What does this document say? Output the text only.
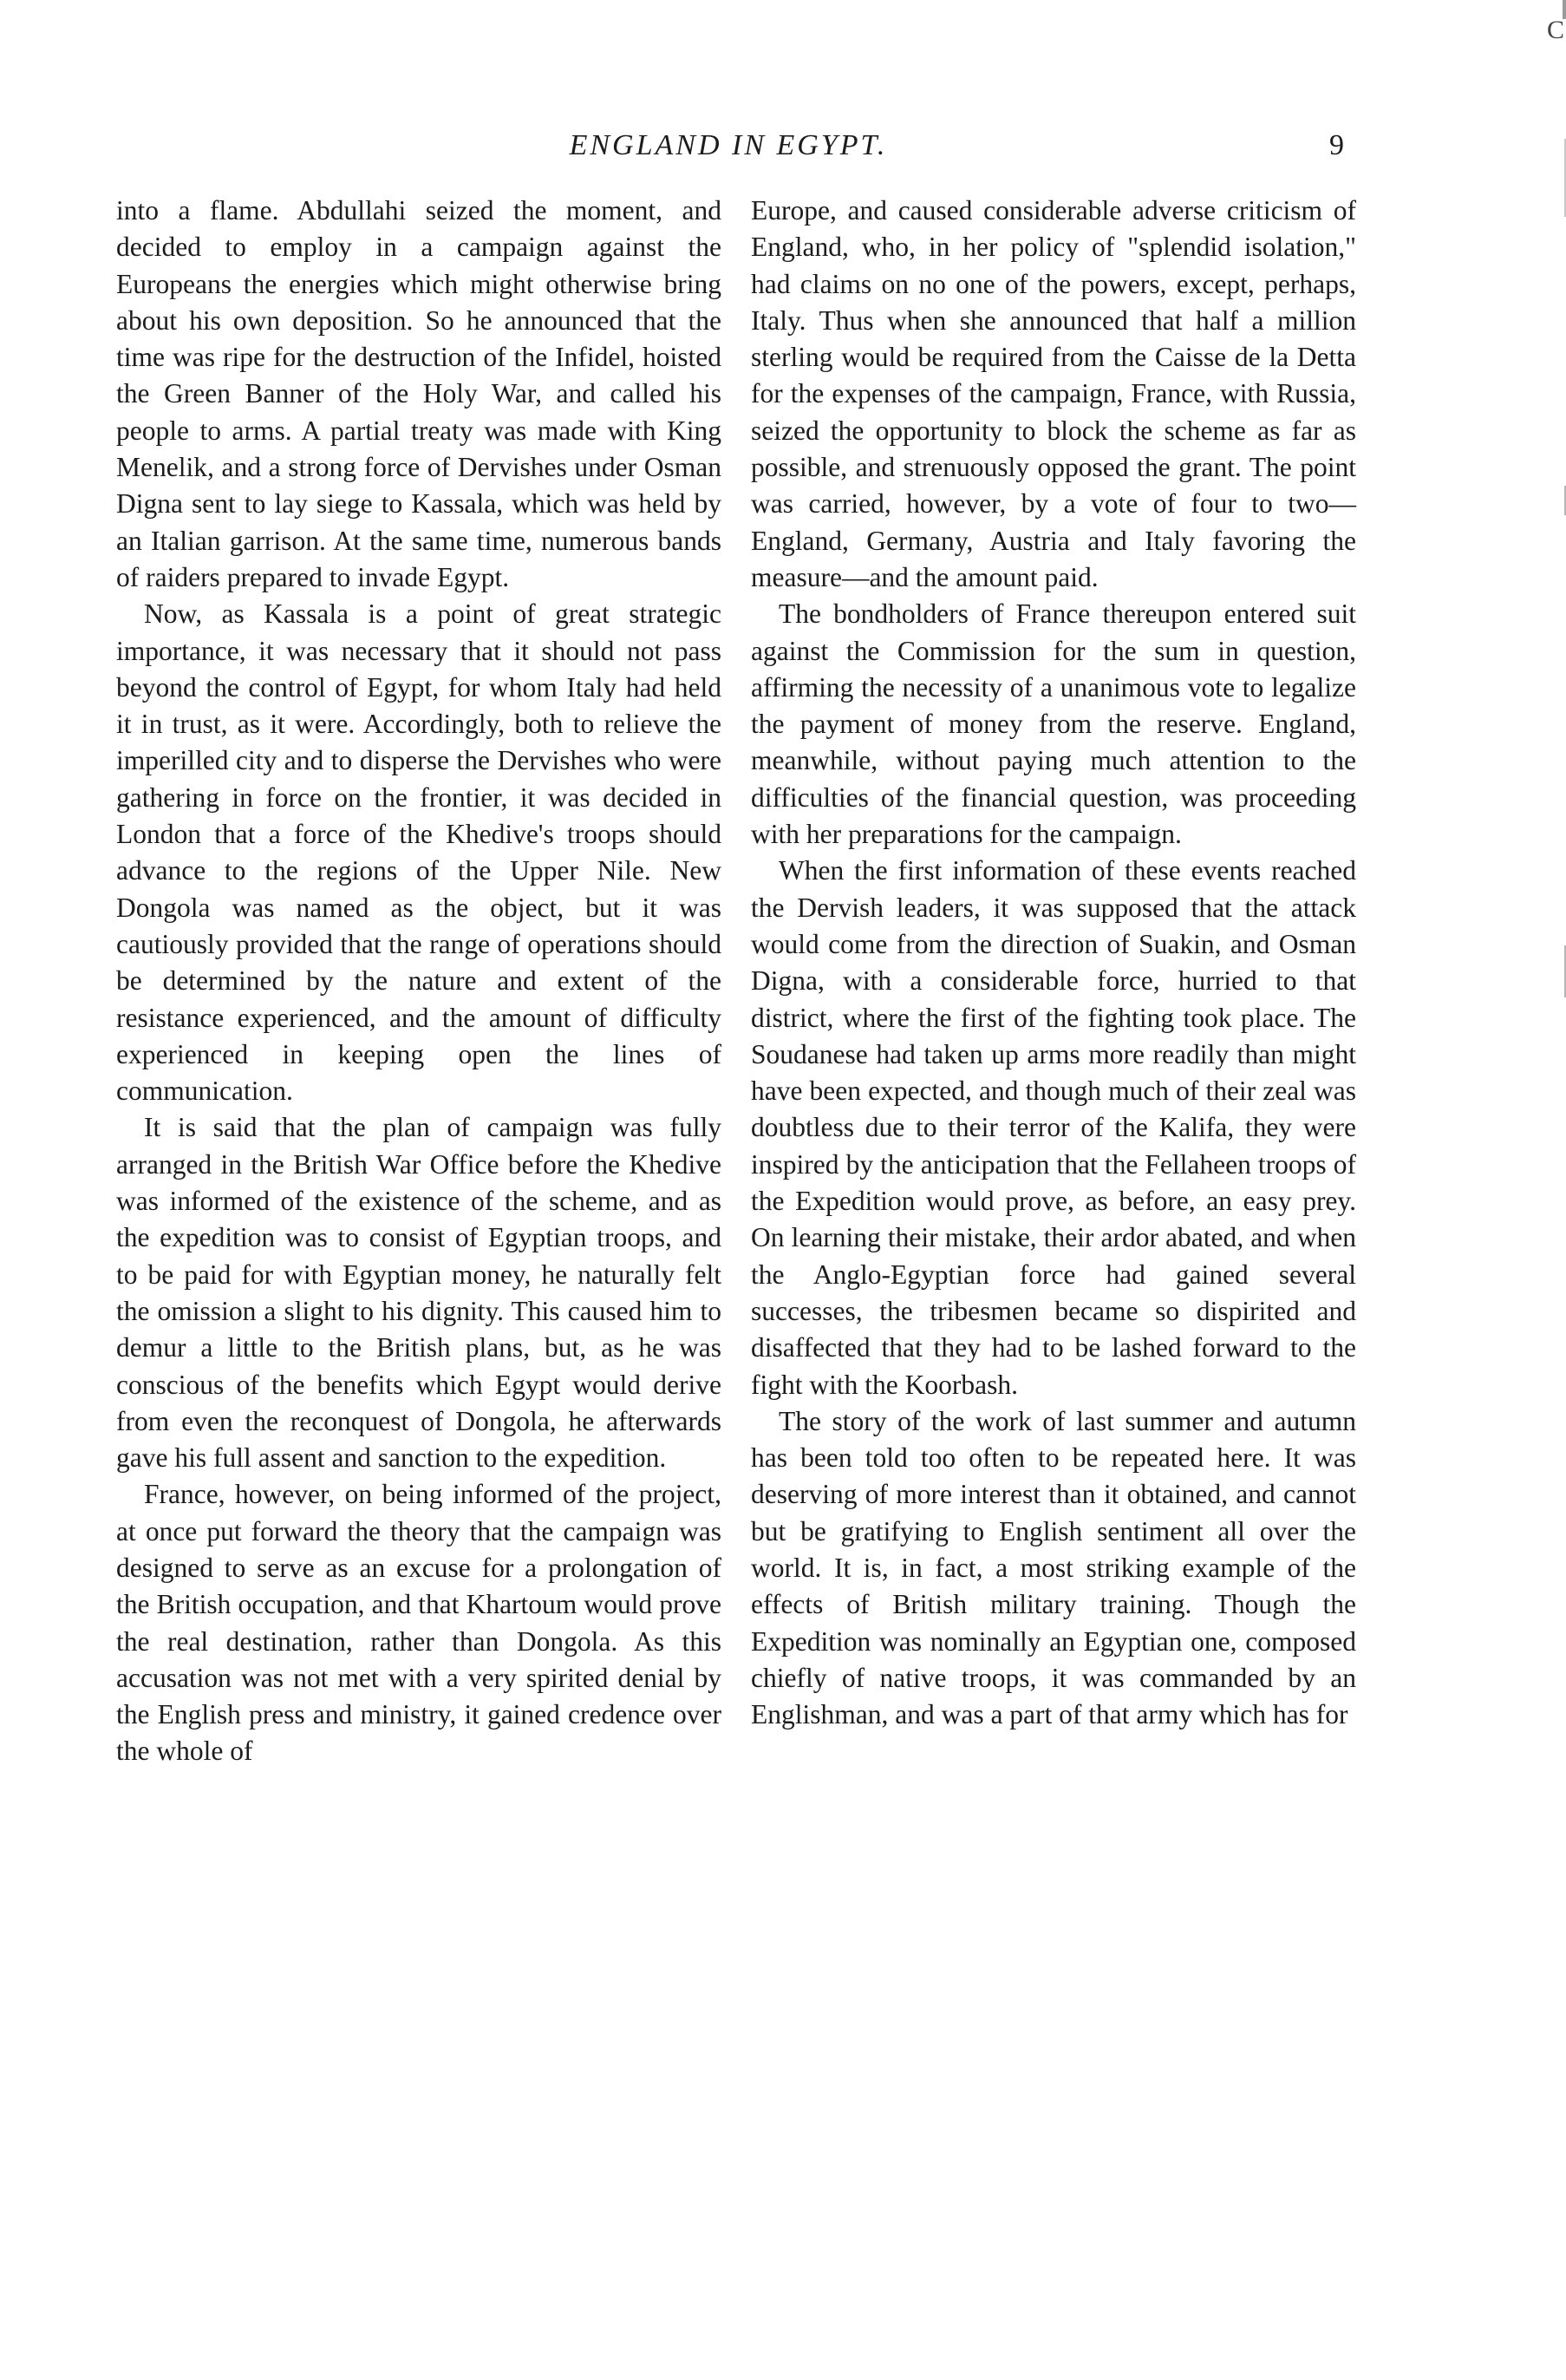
ENGLAND IN EGYPT.	9

into a flame. Abdullahi seized the moment, and decided to employ in a campaign against the Europeans the energies which might otherwise bring about his own deposition. So he announced that the time was ripe for the destruction of the Infidel, hoisted the Green Banner of the Holy War, and called his people to arms. A partial treaty was made with King Menelik, and a strong force of Dervishes under Osman Digna sent to lay siege to Kassala, which was held by an Italian garrison. At the same time, numerous bands of raiders prepared to invade Egypt.

Now, as Kassala is a point of great strategic importance, it was necessary that it should not pass beyond the control of Egypt, for whom Italy had held it in trust, as it were. Accordingly, both to relieve the imperilled city and to disperse the Dervishes who were gathering in force on the frontier, it was decided in London that a force of the Khedive's troops should advance to the regions of the Upper Nile. New Dongola was named as the object, but it was cautiously provided that the range of operations should be determined by the nature and extent of the resistance experienced, and the amount of difficulty experienced in keeping open the lines of communication.

It is said that the plan of campaign was fully arranged in the British War Office before the Khedive was informed of the existence of the scheme, and as the expedition was to consist of Egyptian troops, and to be paid for with Egyptian money, he naturally felt the omission a slight to his dignity. This caused him to demur a little to the British plans, but, as he was conscious of the benefits which Egypt would derive from even the reconquest of Dongola, he afterwards gave his full assent and sanction to the expedition.

France, however, on being informed of the project, at once put forward the theory that the campaign was designed to serve as an excuse for a prolongation of the British occupation, and that Khartoum would prove the real destination, rather than Dongola. As this accusation was not met with a very spirited denial by the English press and ministry, it gained credence over the whole of

Europe, and caused considerable adverse criticism of England, who, in her policy of "splendid isolation," had claims on no one of the powers, except, perhaps, Italy. Thus when she announced that half a million sterling would be required from the Caisse de la Detta for the expenses of the campaign, France, with Russia, seized the opportunity to block the scheme as far as possible, and strenuously opposed the grant. The point was carried, however, by a vote of four to two—England, Germany, Austria and Italy favoring the measure—and the amount paid.

The bondholders of France thereupon entered suit against the Commission for the sum in question, affirming the necessity of a unanimous vote to legalize the payment of money from the reserve. England, meanwhile, without paying much attention to the difficulties of the financial question, was proceeding with her preparations for the campaign.

When the first information of these events reached the Dervish leaders, it was supposed that the attack would come from the direction of Suakin, and Osman Digna, with a considerable force, hurried to that district, where the first of the fighting took place. The Soudanese had taken up arms more readily than might have been expected, and though much of their zeal was doubtless due to their terror of the Kalifa, they were inspired by the anticipation that the Fellaheen troops of the Expedition would prove, as before, an easy prey. On learning their mistake, their ardor abated, and when the Anglo-Egyptian force had gained several successes, the tribesmen became so dispirited and disaffected that they had to be lashed forward to the fight with the Koorbash.

The story of the work of last summer and autumn has been told too often to be repeated here. It was deserving of more interest than it obtained, and cannot but be gratifying to English sentiment all over the world. It is, in fact, a most striking example of the effects of British military training. Though the Expedition was nominally an Egyptian one, composed chiefly of native troops, it was commanded by an Englishman, and was a part of that army which has for

C
